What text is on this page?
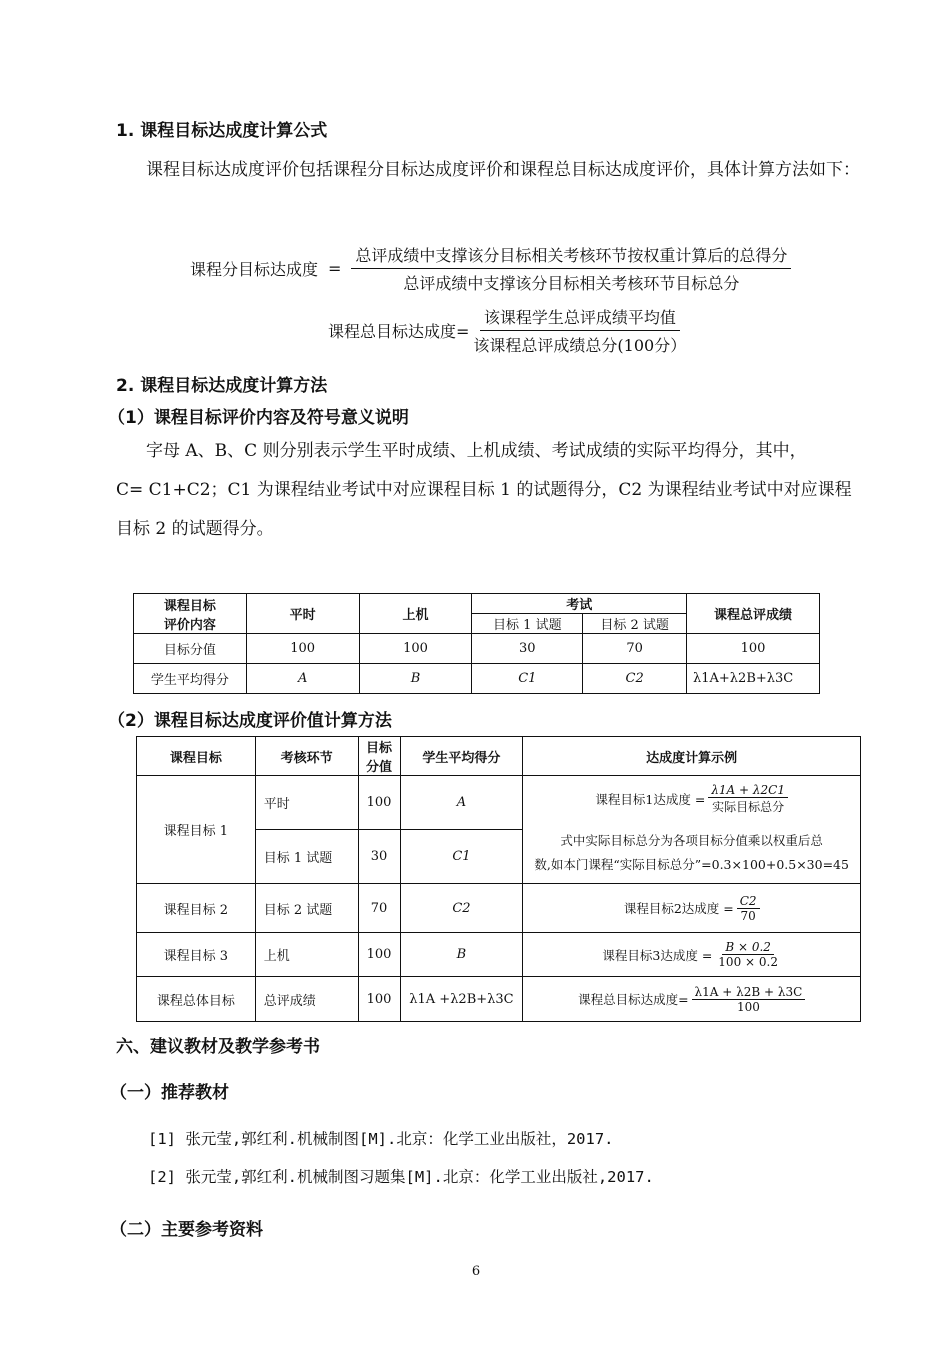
1. 课程目标达成度计算公式
课程目标达成度评价包括课程分目标达成度评价和课程总目标达成度评价，具体计算方法如下：
课程分目标达成度 = $\frac{\text{总评成绩中支撑该分目标相关考核环节按权重计算后的总得分}}{\text{总评成绩中支撑该分目标相关考核环节目标总分}}$
课程总目标达成度= $\frac{\text{该课程学生总评成绩平均值}}{\text{该课程总评成绩总分(100分）}}$
2. 课程目标达成度计算方法
（1）课程目标评价内容及符号意义说明
字母 A、B、C 则分别表示学生平时成绩、上机成绩、考试成绩的实际平均得分，其中，
C= C1+C2；C1 为课程结业考试中对应课程目标 1 的试题得分，C2 为课程结业考试中对应课程
目标 2 的试题得分。
课程目标
评价内容	平时	上机	考试		课程总评成绩
			目标 1 试题	目标 2 试题	
目标分值	100	100	30	70	100
学生平均得分	A	B	C1	C2	λ1A+λ2B+λ3C
（2）课程目标达成度评价值计算方法
课程目标	考核环节	目标
分值	学生平均得分	达成度计算示例
课程目标 1	平时	100	A	课程目标1达成度 = $\frac{\lambda 1A + \lambda 2C1}{\text{实际目标总分}}$
式中实际目标总分为各项目标分值乘以权重后总
数,如本门课程“实际目标总分”=0.3×100+0.5×30=45

	目标 1 试题	30	C1	
课程目标 2	目标 2 试题	70	C2	课程目标2达成度 = $\frac{C2}{70}$

课程目标 3	上机	100	B	课程目标3达成度 = $\frac{B \times 0.2}{100 \times 0.2}$

课程总体目标	总评成绩	100	λ1A +λ2B+λ3C	课程总目标达成度= $\frac{\lambda 1A + \lambda 2B + \lambda 3C}{100}$
六、建议教材及教学参考书
（一）推荐教材
[1] 张元莹,郭红利.机械制图[M].北京：化学工业出版社，2017.
[2] 张元莹,郭红利.机械制图习题集[M].北京：化学工业出版社,2017.
（二）主要参考资料
6
